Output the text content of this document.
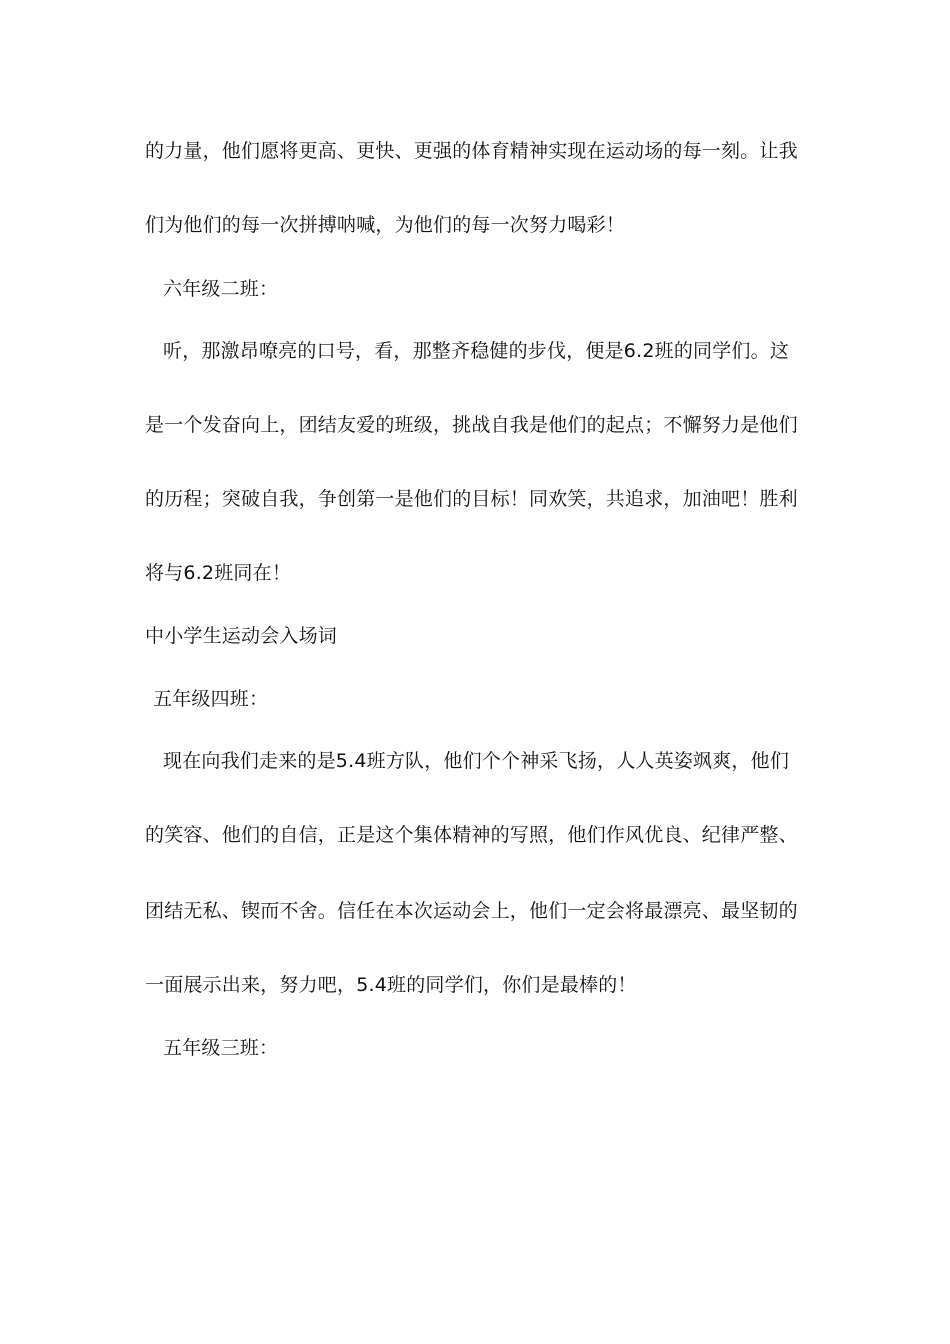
的力量，他们愿将更高、更快、更强的体育精神实现在运动场的每一刻。让我
们为他们的每一次拼搏呐喊，为他们的每一次努力喝彩！
六年级二班：
听，那激昂嘹亮的口号，看，那整齐稳健的步伐，便是6.2班的同学们。这
是一个发奋向上，团结友爱的班级，挑战自我是他们的起点；不懈努力是他们
的历程；突破自我，争创第一是他们的目标！同欢笑，共追求，加油吧！胜利
将与6.2班同在！
中小学生运动会入场词
五年级四班：
现在向我们走来的是5.4班方队，他们个个神采飞扬，人人英姿飒爽，他们
的笑容、他们的自信，正是这个集体精神的写照，他们作风优良、纪律严整、
团结无私、锲而不舍。信任在本次运动会上，他们一定会将最漂亮、最坚韧的
一面展示出来，努力吧，5.4班的同学们，你们是最棒的！
五年级三班：
